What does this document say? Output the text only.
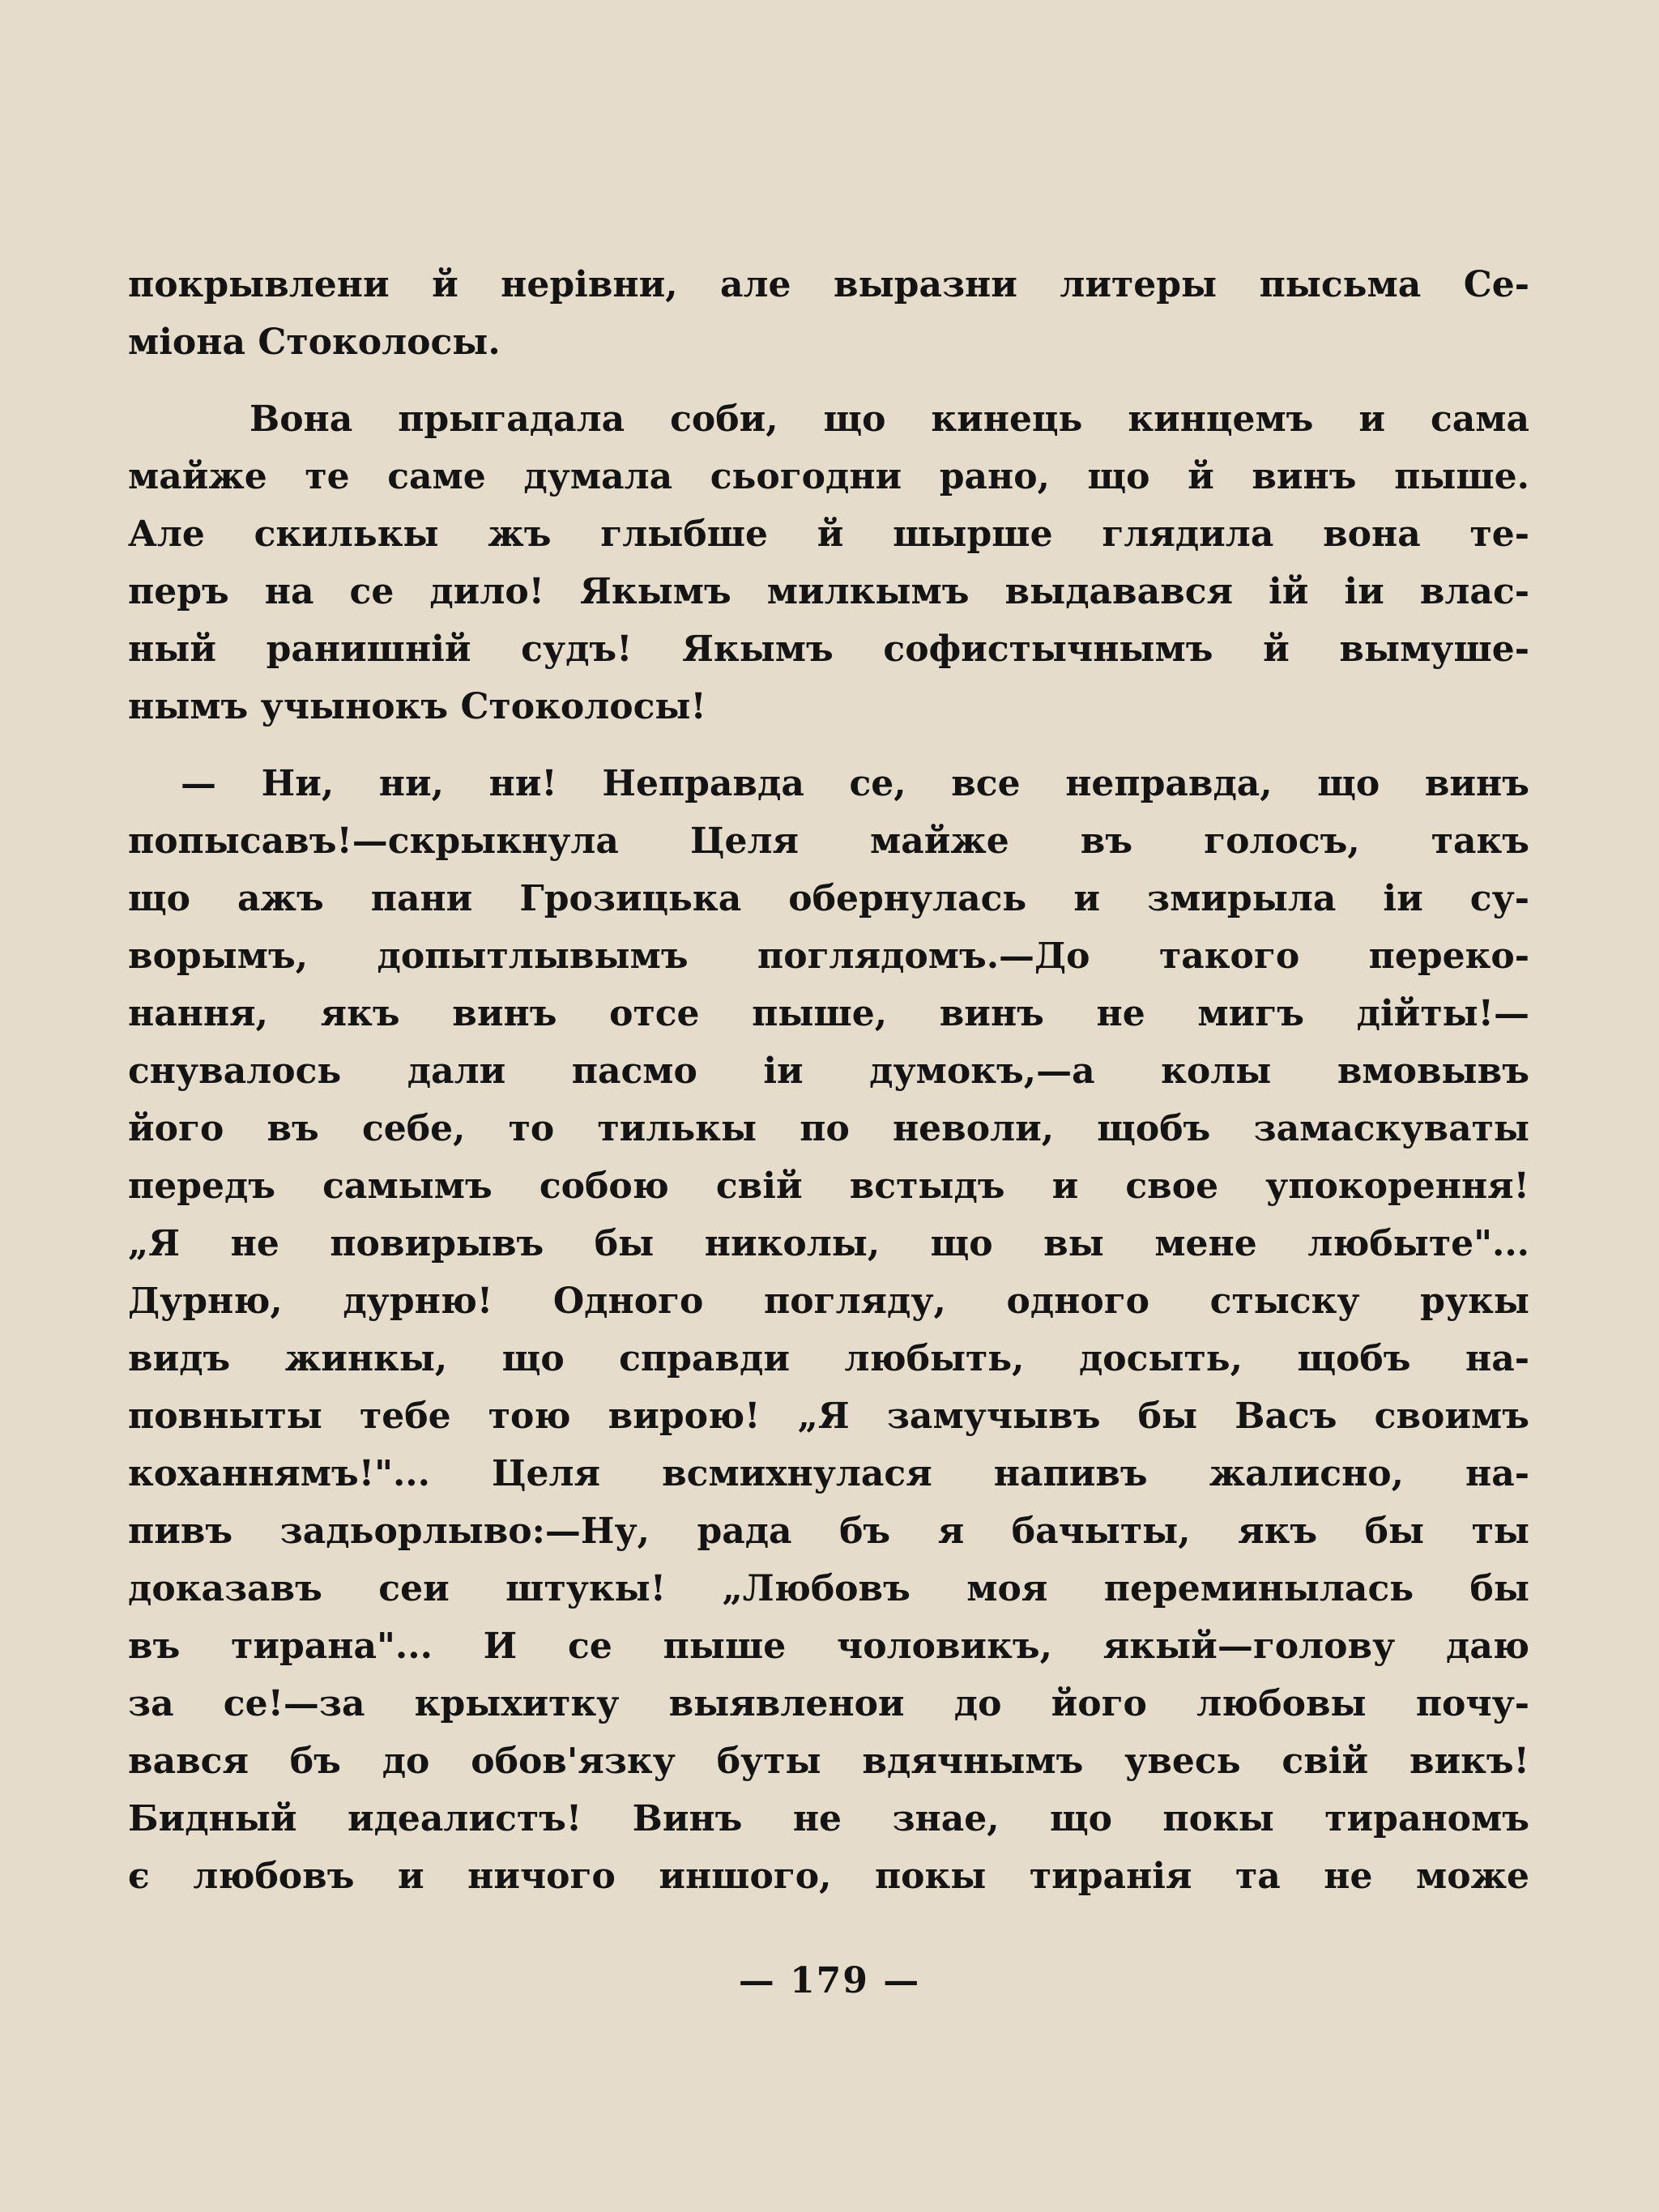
покрывлени й нерівни, але выразни литеры пысьма Се-
міона Стоколосы.
Вона прыгадала соби, що кинець кинцемъ и сама
майже те саме думала сьогодни рано, що й винъ пыше.
Але скилькы жъ глыбше й шырше глядила вона те-
перъ на се дило! Якымъ милкымъ выдавався ій іи влас-
ный ранишній судъ! Якымъ софистычнымъ й вымуше-
нымъ учынокъ Стоколосы!
— Ни, ни, ни! Неправда се, все неправда, що винъ
попысавъ!—скрыкнула Целя майже въ голосъ, такъ
що ажъ пани Грозицька обернулась и змирыла іи су-
ворымъ, допытлывымъ поглядомъ.—До такого переко-
нання, якъ винъ отсе пыше, винъ не мигъ дійты!—
снувалось дали пасмо іи думокъ,—а колы вмовывъ
його въ себе, то тилькы по неволи, щобъ замаскуваты
передъ самымъ собою свій встыдъ и свое упокорення!
„Я не повирывъ бы николы, що вы мене любыте"...
Дурню, дурню! Одного погляду, одного стыску рукы
видъ жинкы, що справди любыть, досыть, щобъ на-
повныты тебе тою вирою! „Я замучывъ бы Васъ своимъ
коханнямъ!"... Целя всмихнулася напивъ жалисно, на-
пивъ задьорлыво:—Ну, рада бъ я бачыты, якъ бы ты
доказавъ сеи штукы! „Любовъ моя переминылась бы
въ тирана"... И се пыше чоловикъ, якый—голову даю
за се!—за крыхитку выявленои до його любовы почу-
вався бъ до обов'язку буты вдячнымъ увесь свій викъ!
Бидный идеалистъ! Винъ не знае, що покы тираномъ
є любовъ и ничого иншого, покы тиранія та не може
— 179 —
